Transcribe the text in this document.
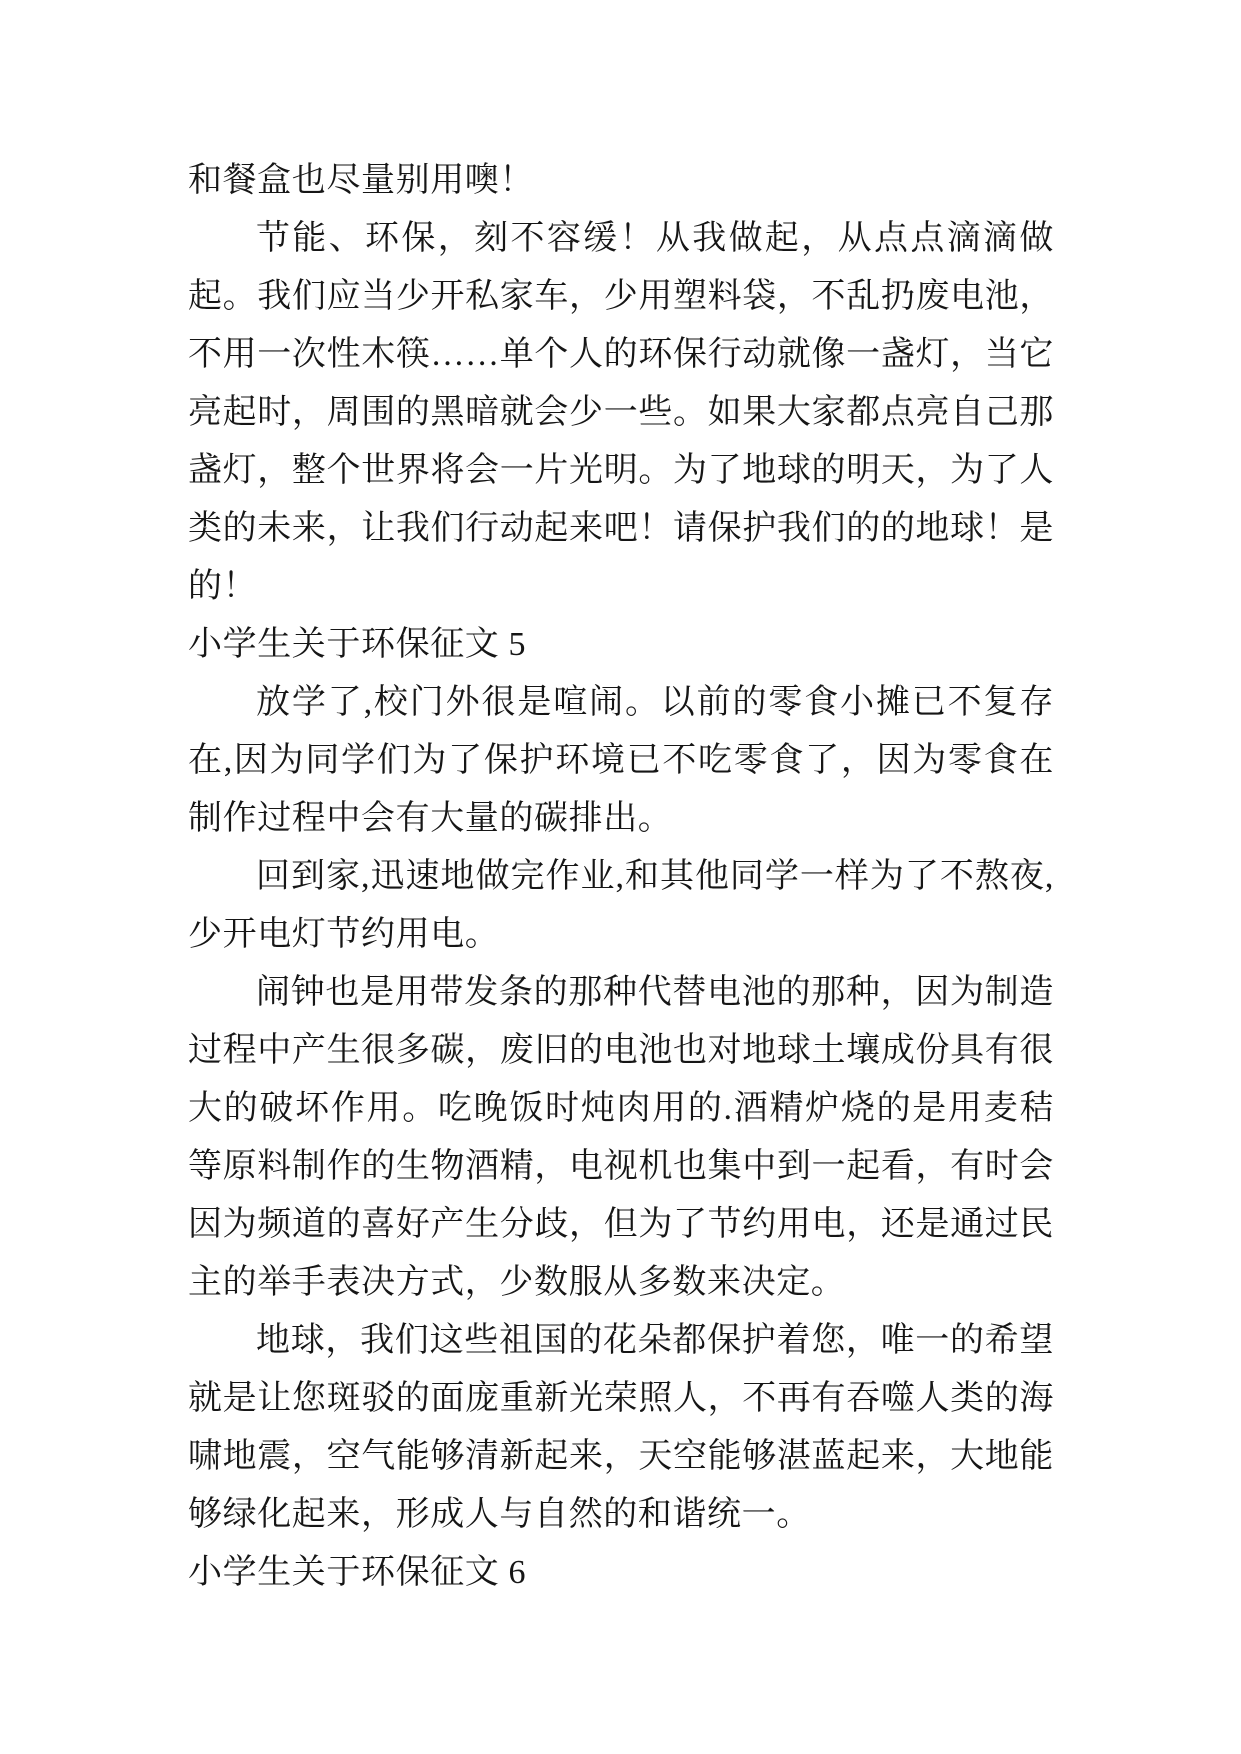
和餐盒也尽量别用噢！

节能、环保，刻不容缓！从我做起，从点点滴滴做起。我们应当少开私家车，少用塑料袋，不乱扔废电池，不用一次性木筷……单个人的环保行动就像一盏灯，当它亮起时，周围的黑暗就会少一些。如果大家都点亮自己那盏灯，整个世界将会一片光明。为了地球的明天，为了人类的未来，让我们行动起来吧！请保护我们的的地球！是的！

小学生关于环保征文 5

放学了,校门外很是喧闹。以前的零食小摊已不复存在,因为同学们为了保护环境已不吃零食了，因为零食在制作过程中会有大量的碳排出。

回到家,迅速地做完作业,和其他同学一样为了不熬夜,少开电灯节约用电。

闹钟也是用带发条的那种代替电池的那种，因为制造过程中产生很多碳，废旧的电池也对地球土壤成份具有很大的破坏作用。吃晚饭时炖肉用的.酒精炉烧的是用麦秸等原料制作的生物酒精，电视机也集中到一起看，有时会因为频道的喜好产生分歧，但为了节约用电，还是通过民主的举手表决方式，少数服从多数来决定。

地球，我们这些祖国的花朵都保护着您，唯一的希望就是让您斑驳的面庞重新光荣照人，不再有吞噬人类的海啸地震，空气能够清新起来，天空能够湛蓝起来，大地能够绿化起来，形成人与自然的和谐统一。

小学生关于环保征文 6
